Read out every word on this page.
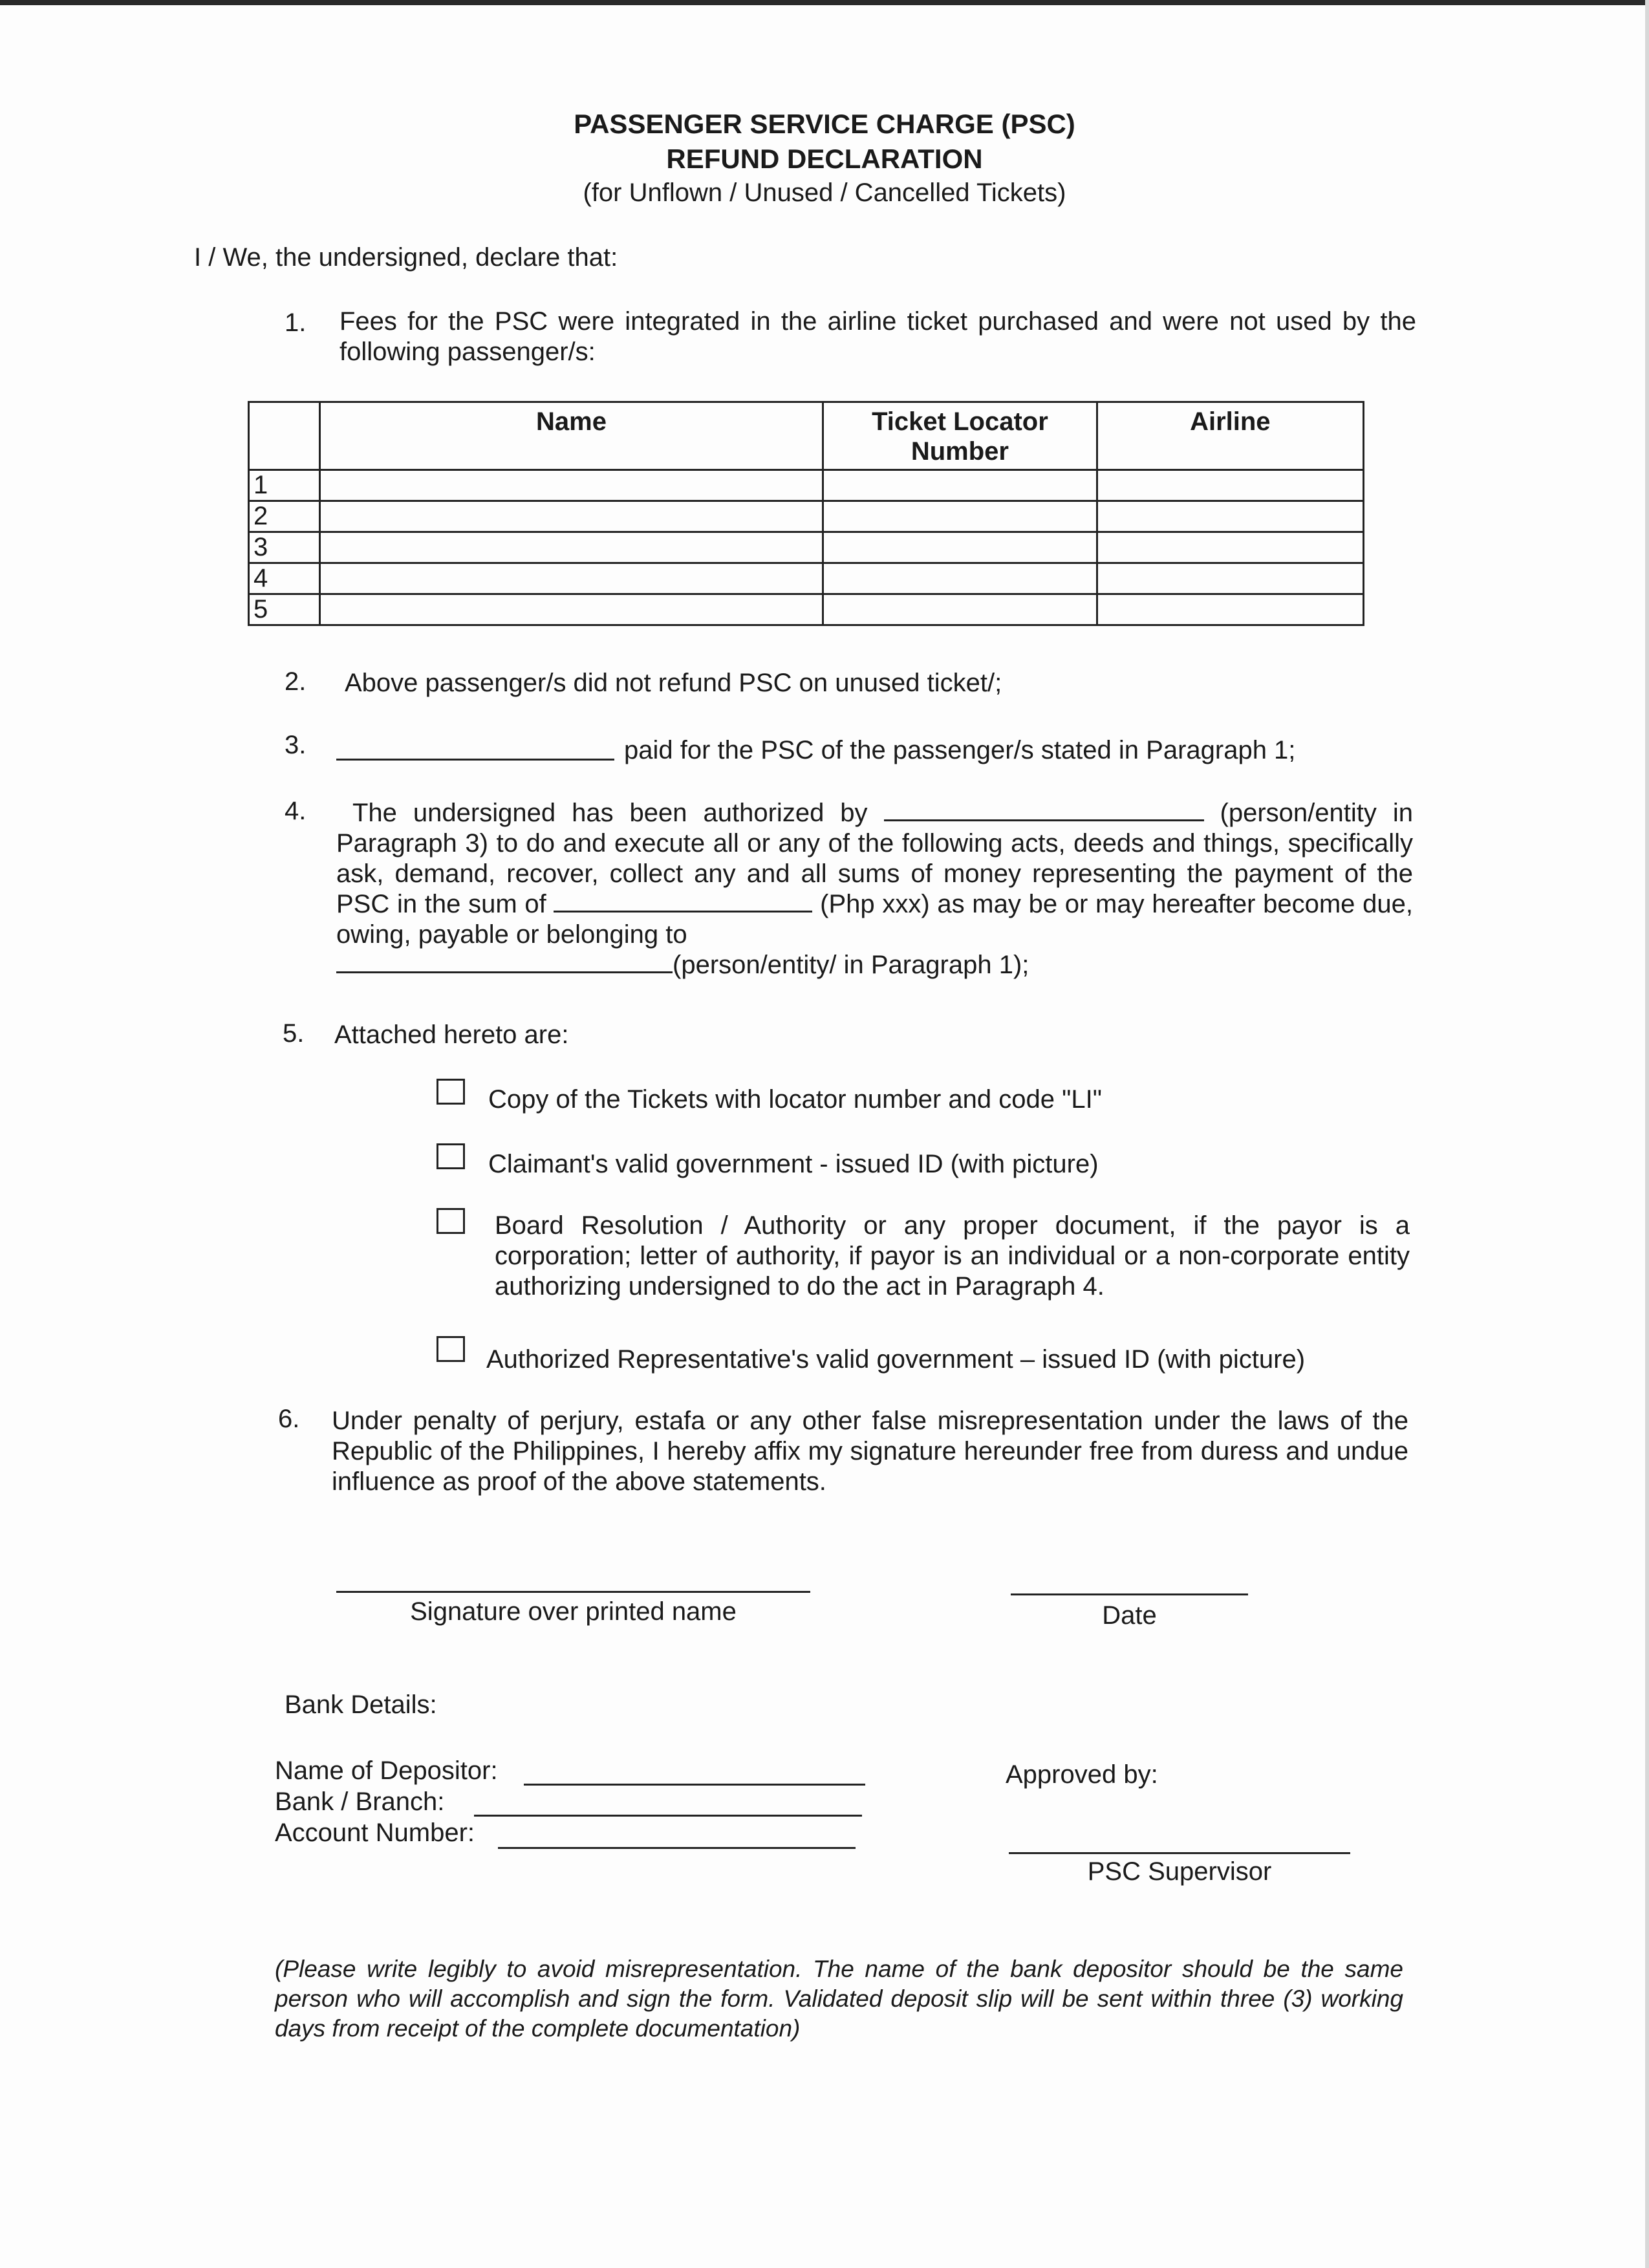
PASSENGER SERVICE CHARGE (PSC)
REFUND DECLARATION
(for Unflown / Unused / Cancelled Tickets)
I / We, the undersigned, declare that:
1. Fees for the PSC were integrated in the airline ticket purchased and were not used by the following passenger/s:
	Name	Ticket Locator Number	Airline
1			
2			
3			
4			
5			
2. Above passenger/s did not refund PSC on unused ticket/;
3.	paid for the PSC of the passenger/s stated in Paragraph 1;
4.	The undersigned has been authorized by	(person/entity in Paragraph 3) to do and execute all or any of the following acts, deeds and things, specifically ask, demand, recover, collect any and all sums of money representing the payment of the PSC in the sum of	(Php xxx) as may be or may hereafter become due, owing, payable or belonging to
(person/entity/ in Paragraph 1);
5. Attached hereto are:
Copy of the Tickets with locator number and code "LI"
Claimant's valid government - issued ID (with picture)
Board Resolution / Authority or any proper document, if the payor is a corporation; letter of authority, if payor is an individual or a non-corporate entity authorizing undersigned to do the act in Paragraph 4.
Authorized Representative's valid government – issued ID (with picture)
6. Under penalty of perjury, estafa or any other false misrepresentation under the laws of the Republic of the Philippines, I hereby affix my signature hereunder free from duress and undue influence as proof of the above statements.
Signature over printed name	Date
Bank Details:
Name of Depositor:
Bank / Branch:
Account Number:
Approved by:
PSC Supervisor
(Please write legibly to avoid misrepresentation. The name of the bank depositor should be the same person who will accomplish and sign the form. Validated deposit slip will be sent within three (3) working days from receipt of the complete documentation)
